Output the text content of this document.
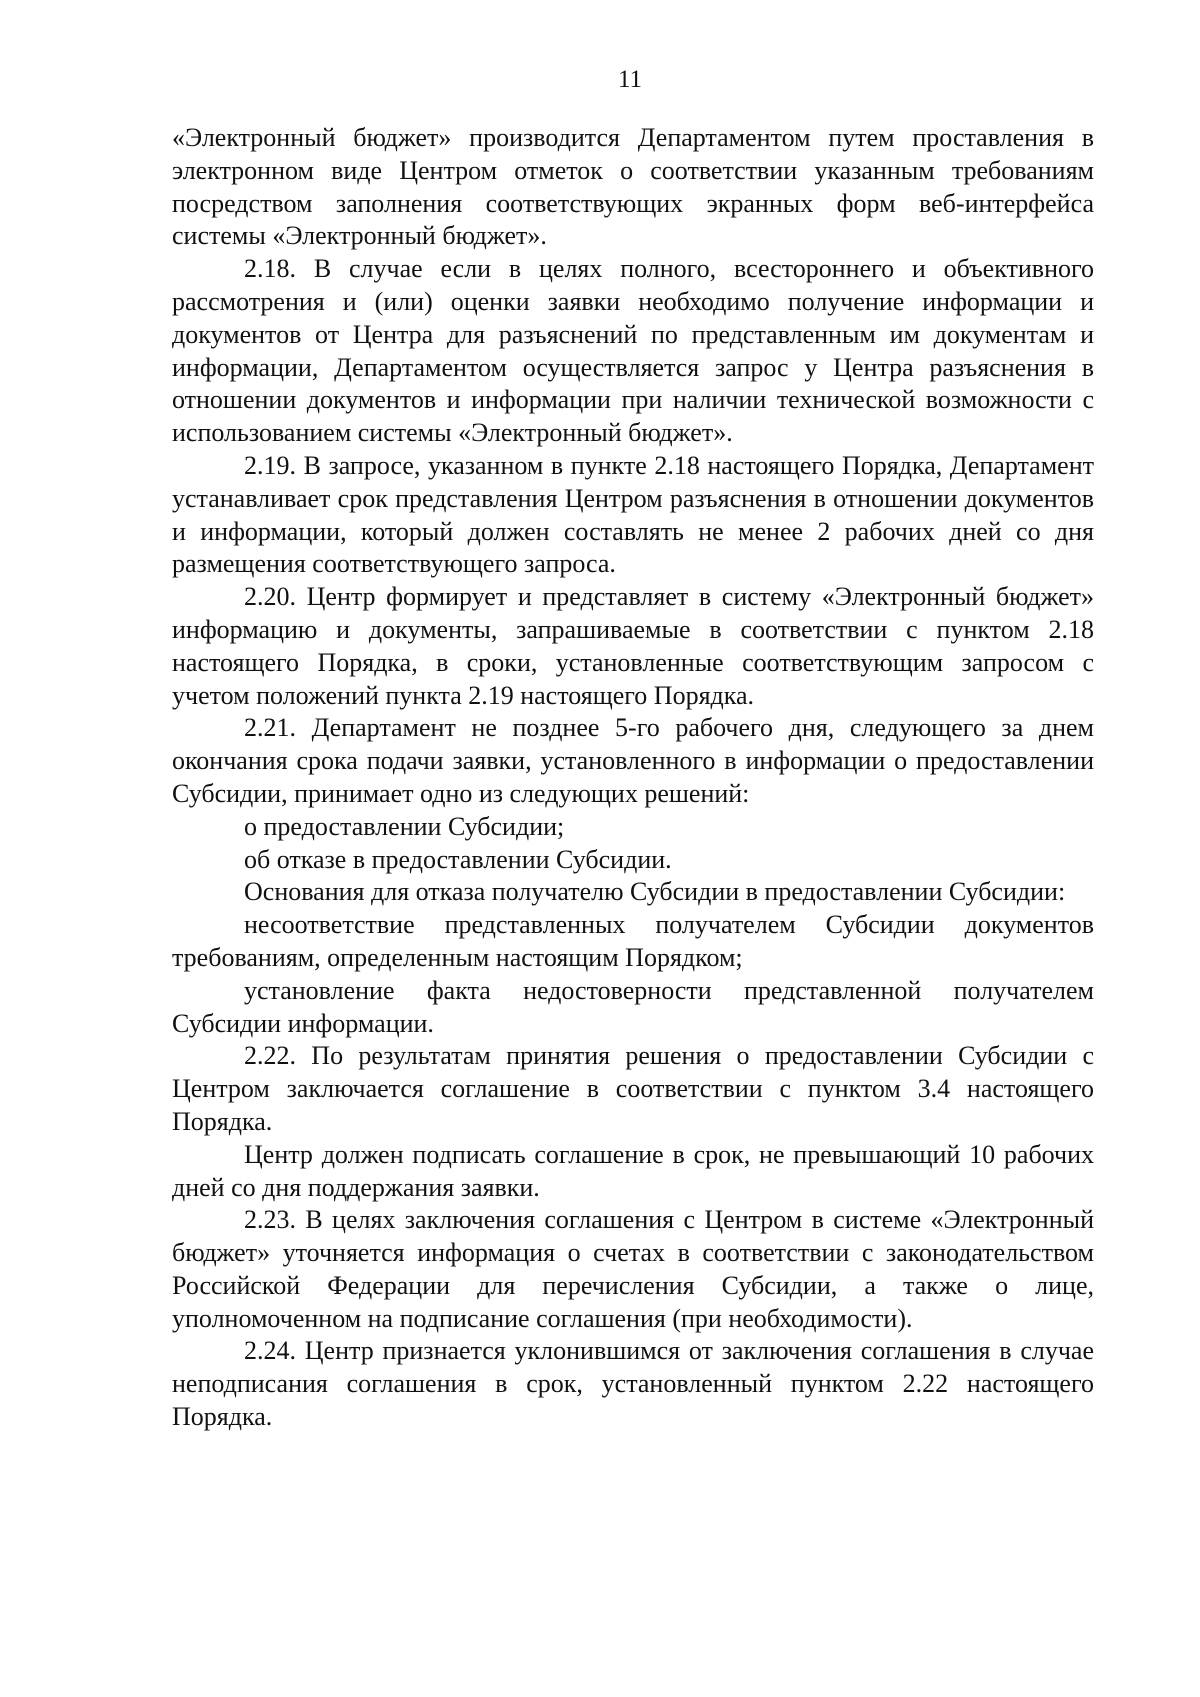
11

«Электронный бюджет» производится Департаментом путем проставления в электронном виде Центром отметок о соответствии указанным требованиям посредством заполнения соответствующих экранных форм веб-интерфейса системы «Электронный бюджет».

2.18. В случае если в целях полного, всестороннего и объективного рассмотрения и (или) оценки заявки необходимо получение информации и документов от Центра для разъяснений по представленным им документам и информации, Департаментом осуществляется запрос у Центра разъяснения в отношении документов и информации при наличии технической возможности с использованием системы «Электронный бюджет».

2.19. В запросе, указанном в пункте 2.18 настоящего Порядка, Департамент устанавливает срок представления Центром разъяснения в отношении документов и информации, который должен составлять не менее 2 рабочих дней со дня размещения соответствующего запроса.

2.20. Центр формирует и представляет в систему «Электронный бюджет» информацию и документы, запрашиваемые в соответствии с пунктом 2.18 настоящего Порядка, в сроки, установленные соответствующим запросом с учетом положений пункта 2.19 настоящего Порядка.

2.21. Департамент не позднее 5-го рабочего дня, следующего за днем окончания срока подачи заявки, установленного в информации о предоставлении Субсидии, принимает одно из следующих решений:

о предоставлении Субсидии;

об отказе в предоставлении Субсидии.

Основания для отказа получателю Субсидии в предоставлении Субсидии:

несоответствие представленных получателем Субсидии документов требованиям, определенным настоящим Порядком;

установление факта недостоверности представленной получателем Субсидии информации.

2.22. По результатам принятия решения о предоставлении Субсидии с Центром заключается соглашение в соответствии с пунктом 3.4 настоящего Порядка.

Центр должен подписать соглашение в срок, не превышающий 10 рабочих дней со дня поддержания заявки.

2.23. В целях заключения соглашения с Центром в системе «Электронный бюджет» уточняется информация о счетах в соответствии с законодательством Российской Федерации для перечисления Субсидии, а также о лице, уполномоченном на подписание соглашения (при необходимости).

2.24. Центр признается уклонившимся от заключения соглашения в случае неподписания соглашения в срок, установленный пунктом 2.22 настоящего Порядка.
